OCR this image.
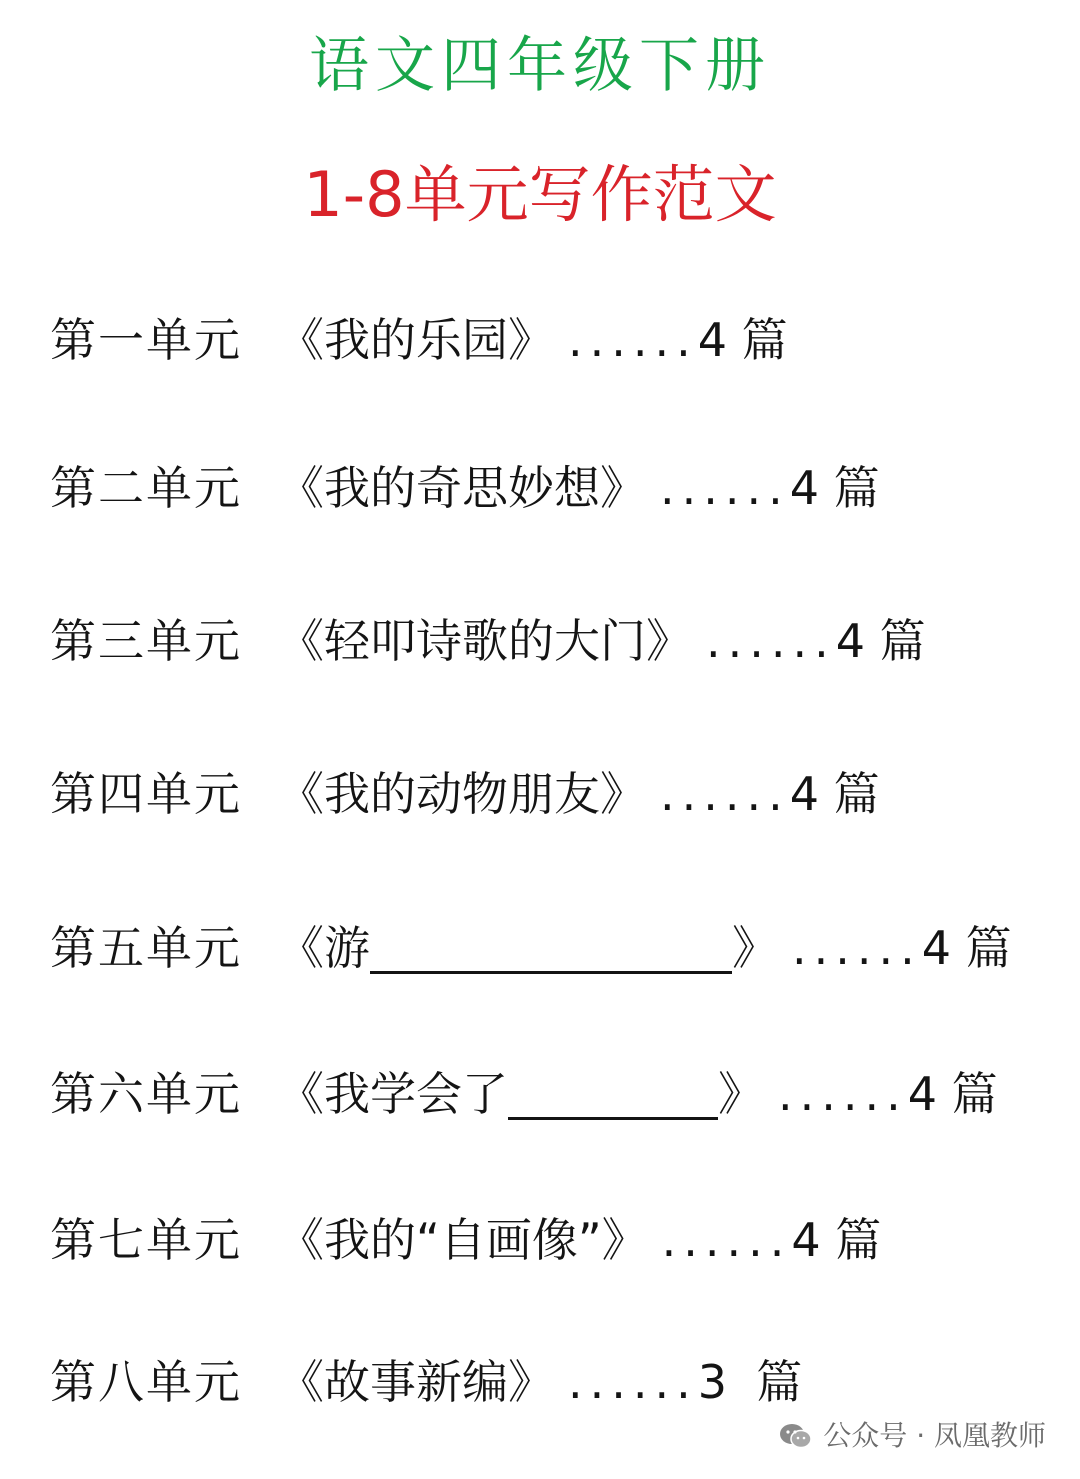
语文四年级下册
1-8单元写作范文
第一单元 《我的乐园》 ...... 4 篇
第二单元 《我的奇思妙想》 ...... 4 篇
第三单元 《轻叩诗歌的大门》 ...... 4 篇
第四单元 《我的动物朋友》 ...... 4 篇
第五单元 《游	》 ...... 4 篇
第六单元 《我学会了	》 ...... 4 篇
第七单元 《我的“自画像”》 ...... 4 篇
第八单元 《故事新编》 ...... 3  篇
公众号 · 凤凰教师
